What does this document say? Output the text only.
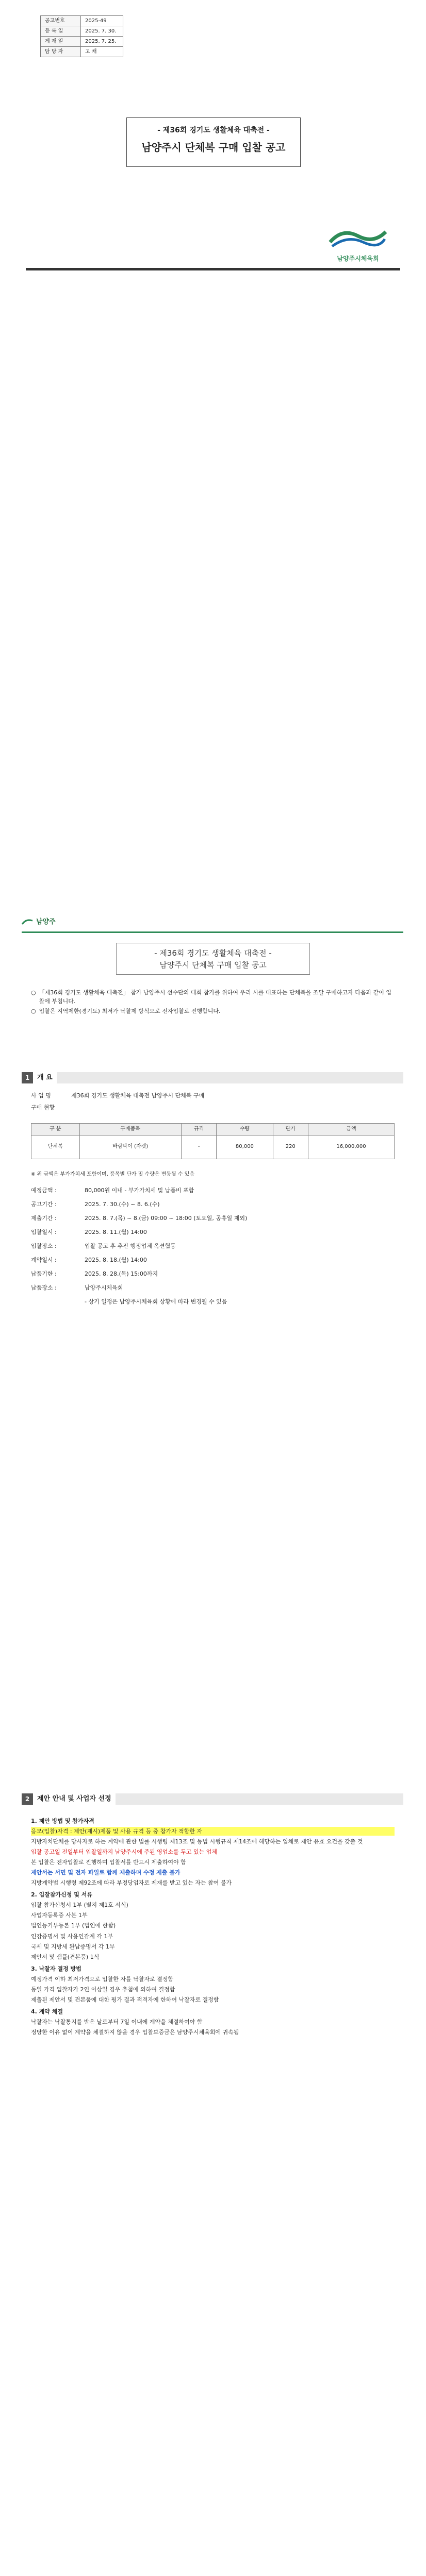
공고번호	2025-49
등 록 일	2025. 7. 30.
게 재 일	2025. 7. 25.
담 당 자	고 채
- 제36회 경기도 생활체육 대축전 -
남양주시 단체복 구매 입찰 공고
남양주시체육회
남양주
- 제36회 경기도 생활체육 대축전 -
남양주시 단체복 구매 입찰 공고
○ 「제36회 경기도 생활체육 대축전」 참가 남양주시 선수단의 대회 참가를 위하여 우리 시를 대표하는 단체복을 조달 구매하고자 다음과 같이 입찰에 부칩니다.
○ 입찰은 지역제한(경기도) 최저가 낙찰제 방식으로 전자입찰로 진행합니다.
1	개 요
사 업 명	제36회 경기도 생활체육 대축전 남양주시 단체복 구매
구매 현황
구 분	구매품목	규격	수량	단가	금액
단체복	바람막이 (자켓)	-	80,000	220	16,000,000
※ 위 금액은 부가가치세 포함이며, 품목별 단가 및 수량은 변동될 수 있음
예정금액 :	80,000원 이내 - 부가가치세 및 납품비 포함
공고기간 :	2025. 7. 30.(수) ~ 8. 6.(수)
제출기간 :	2025. 8. 7.(목) ~ 8.(금) 09:00 ~ 18:00 (토요일, 공휴일 제외)
입찰일시 :	2025. 8. 11.(월) 14:00
입찰장소 :	입찰 공고 후 추진 행정업체 옥션협동
계약일시 :	2025. 8. 18.(월) 14:00
납품기한 :	2025. 8. 28.(목) 15:00까지
납품장소 :	남양주시체육회
- 상기 일정은 남양주시체육회 상황에 따라 변경될 수 있음
2	제안 안내 및 사업자 선정
1. 제안 방법 및 참가자격

응모(입찰)자격 : 제안(제시)제품 및 사용 규격 등 중 참가자 적합한 자

지방자치단체를 당사자로 하는 계약에 관한 법률 시행령 제13조 및 동법 시행규칙 제14조에 해당하는 업체로 제안 유효 요건을 갖출 것

입찰 공고일 전일부터 입찰일까지 남양주시에 주된 영업소를 두고 있는 업체

본 입찰은 전자입찰로 진행하며 입찰서를 반드시 제출하여야 함

제안서는 서면 및 전자 파일로 함께 제출하며 수정 제출 불가

지방계약법 시행령 제92조에 따라 부정당업자로 제재를 받고 있는 자는 참여 불가

2. 입찰참가신청 및 서류

입찰 참가신청서 1부 (별지 제1호 서식)

사업자등록증 사본 1부

법인등기부등본 1부 (법인에 한함)

인감증명서 및 사용인감계 각 1부

국세 및 지방세 완납증명서 각 1부

제안서 및 샘플(견본품) 1식

3. 낙찰자 결정 방법

예정가격 이하 최저가격으로 입찰한 자를 낙찰자로 결정함

동일 가격 입찰자가 2인 이상일 경우 추첨에 의하여 결정함

제출된 제안서 및 견본품에 대한 평가 결과 적격자에 한하여 낙찰자로 결정함

4. 계약 체결

낙찰자는 낙찰통지를 받은 날로부터 7일 이내에 계약을 체결하여야 함

정당한 이유 없이 계약을 체결하지 않을 경우 입찰보증금은 남양주시체육회에 귀속됨
